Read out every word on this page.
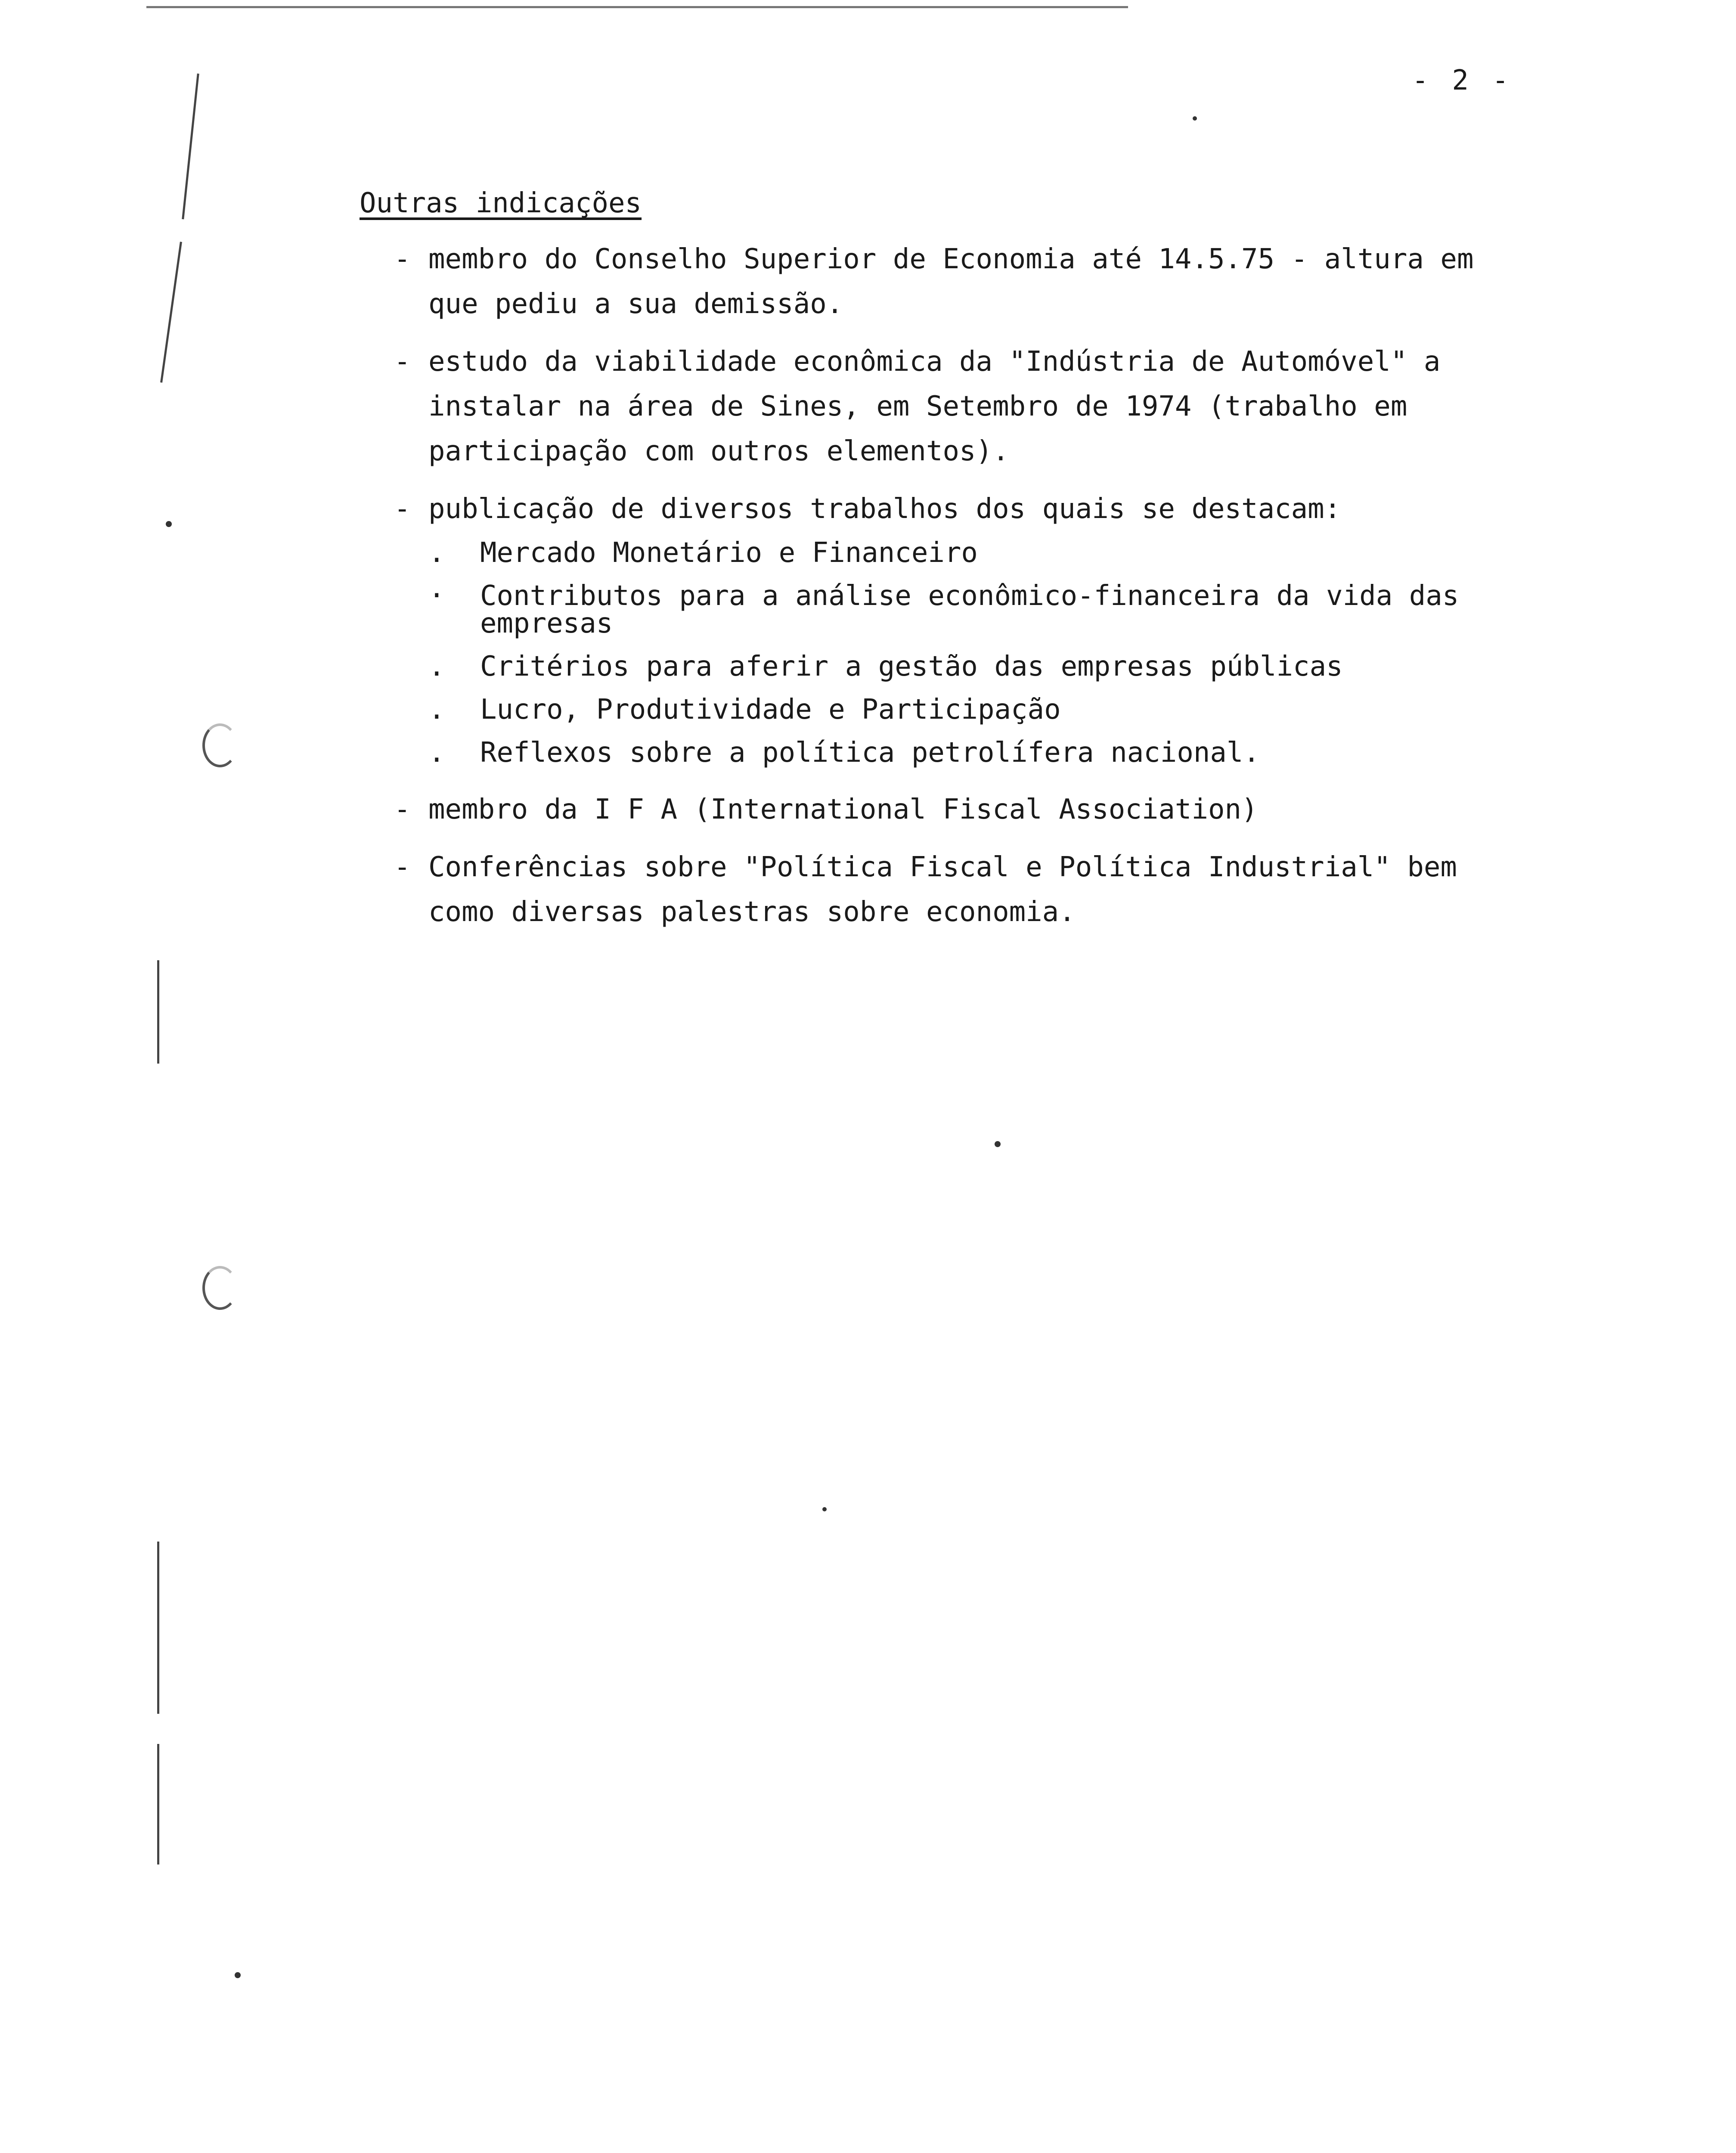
- 2 -
Outras indicações
- membro do Conselho Superior de Economia até 14.5.75 - altura em que pediu a sua demissão.
- estudo da viabilidade econômica da "Indústria de Automóvel" a instalar na área de Sines, em Setembro de 1974 (trabalho em participação com outros elementos).
- publicação de diversos trabalhos dos quais se destacam:
. Mercado Monetário e Financeiro
. Contributos para a análise econômico-financeira da vida das empresas
. Critérios para aferir a gestão das empresas públicas
. Lucro, Produtividade e Participação
. Reflexos sobre a política petrolífera nacional.
- membro da I F A (International Fiscal Association)
- Conferências sobre "Política Fiscal e Política Industrial" bem como diversas palestras sobre economia.
